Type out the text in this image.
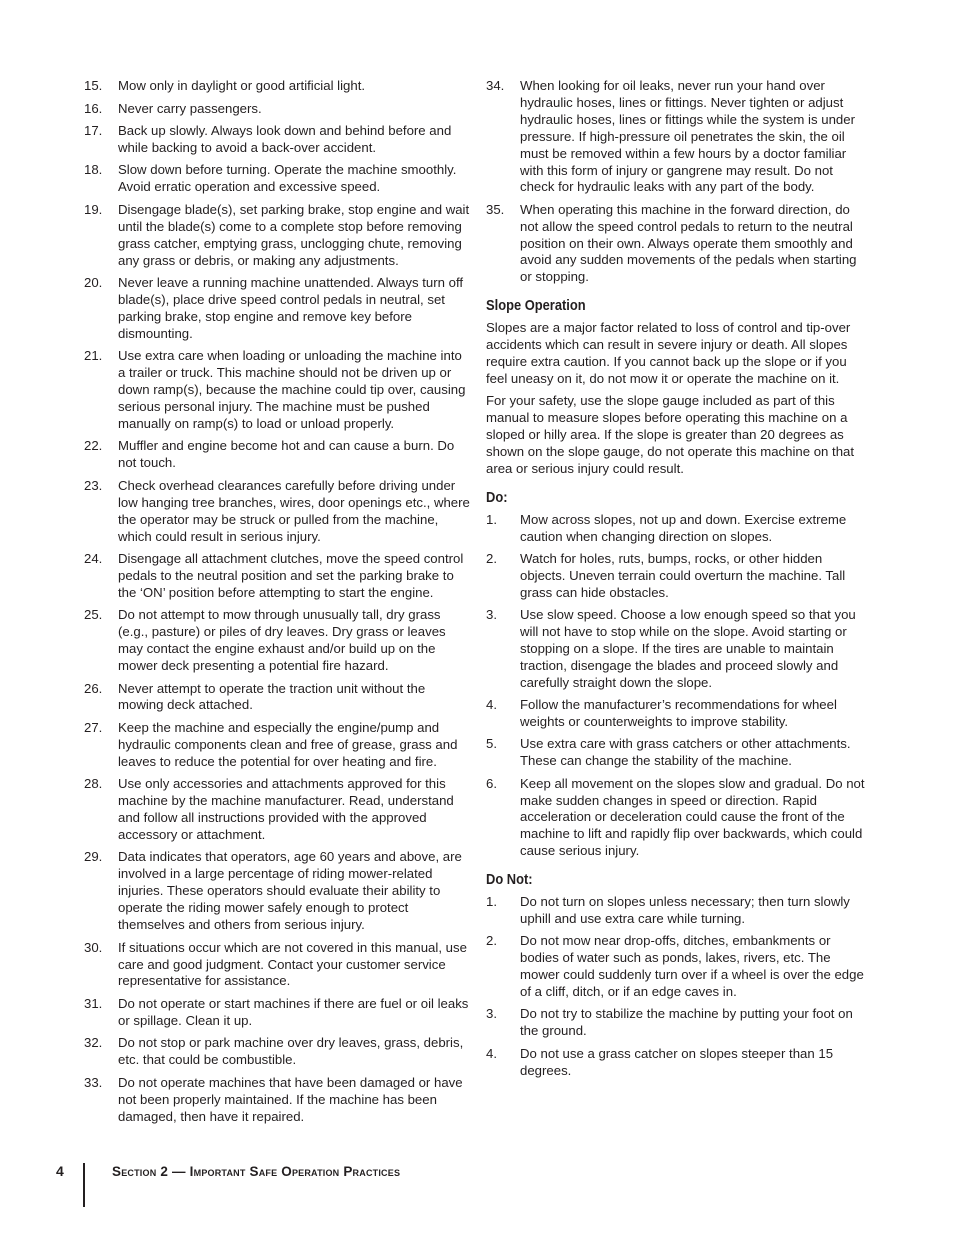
15.	Mow only in daylight or good artificial light.
16.	Never carry passengers.
17.	Back up slowly. Always look down and behind before and while backing to avoid a back-over accident.
18.	Slow down before turning. Operate the machine smoothly. Avoid erratic operation and excessive speed.
19.	Disengage blade(s), set parking brake, stop engine and wait until the blade(s) come to a complete stop before removing grass catcher, emptying grass, unclogging chute, removing any grass or debris, or making any adjustments.
20.	Never leave a running machine unattended. Always turn off blade(s), place drive speed control pedals in neutral, set parking brake, stop engine and remove key before dismounting.
21.	Use extra care when loading or unloading the machine into a trailer or truck. This machine should not be driven up or down ramp(s), because the machine could tip over, causing serious personal injury. The machine must be pushed manually on ramp(s) to load or unload properly.
22.	Muffler and engine become hot and can cause a burn. Do not touch.
23.	Check overhead clearances carefully before driving under low hanging tree branches, wires, door openings etc., where the operator may be struck or pulled from the machine, which could result in serious injury.
24.	Disengage all attachment clutches, move the speed control pedals to the neutral position and set the parking brake to the ‘ON’ position before attempting to start the engine.
25.	Do not attempt to mow through unusually tall, dry grass (e.g., pasture) or piles of dry leaves. Dry grass or leaves may contact the engine exhaust and/or build up on the mower deck presenting a potential fire hazard.
26.	Never attempt to operate the traction unit without the mowing deck attached.
27.	Keep the machine and especially the engine/pump and hydraulic components clean and free of grease, grass and leaves to reduce the potential for over heating and fire.
28.	Use only accessories and attachments approved for this machine by the machine manufacturer. Read, understand and follow all instructions provided with the approved accessory or attachment.
29.	Data indicates that operators, age 60 years and above, are involved in a large percentage of riding mower-related injuries. These operators should evaluate their ability to operate the riding mower safely enough to protect themselves and others from serious injury.
30.	If situations occur which are not covered in this manual, use care and good judgment. Contact your customer service representative for assistance.
31.	Do not operate or start machines if there are fuel or oil leaks or spillage. Clean it up.
32.	Do not stop or park machine over dry leaves, grass, debris, etc. that could be combustible.
33.	Do not operate machines that have been damaged or have not been properly maintained. If the machine has been damaged, then have it repaired.
34.	When looking for oil leaks, never run your hand over hydraulic hoses, lines or fittings. Never tighten or adjust hydraulic hoses, lines or fittings while the system is under pressure. If high-pressure oil penetrates the skin, the oil must be removed within a few hours by a doctor familiar with this form of injury or gangrene may result. Do not check for hydraulic leaks with any part of the body.
35.	When operating this machine in the forward direction, do not allow the speed control pedals to return to the neutral position on their own. Always operate them smoothly and avoid any sudden movements of the pedals when starting or stopping.
Slope Operation

Slopes are a major factor related to loss of control and tip-over accidents which can result in severe injury or death. All slopes require extra caution. If you cannot back up the slope or if you feel uneasy on it, do not mow it or operate the machine on it.

For your safety, use the slope gauge included as part of this manual to measure slopes before operating this machine on a sloped or hilly area. If the slope is greater than 20 degrees as shown on the slope gauge, do not operate this machine on that area or serious injury could result.

Do:
1.	Mow across slopes, not up and down. Exercise extreme caution when changing direction on slopes.
2.	Watch for holes, ruts, bumps, rocks, or other hidden objects. Uneven terrain could overturn the machine. Tall grass can hide obstacles.
3.	Use slow speed. Choose a low enough speed so that you will not have to stop while on the slope. Avoid starting or stopping on a slope. If the tires are unable to maintain traction, disengage the blades and proceed slowly and carefully straight down the slope.
4.	Follow the manufacturer’s recommendations for wheel weights or counterweights to improve stability.
5.	Use extra care with grass catchers or other attachments. These can change the stability of the machine.
6.	Keep all movement on the slopes slow and gradual. Do not make sudden changes in speed or direction. Rapid acceleration or deceleration could cause the front of the machine to lift and rapidly flip over backwards, which could cause serious injury.
Do Not:
1.	Do not turn on slopes unless necessary; then turn slowly uphill and use extra care while turning.
2.	Do not mow near drop-offs, ditches, embankments or bodies of water such as ponds, lakes, rivers, etc. The mower could suddenly turn over if a wheel is over the edge of a cliff, ditch, or if an edge caves in.
3.	Do not try to stabilize the machine by putting your foot on the ground.
4.	Do not use a grass catcher on slopes steeper than 15 degrees.
4	Section 2 — Important Safe Operation Practices
